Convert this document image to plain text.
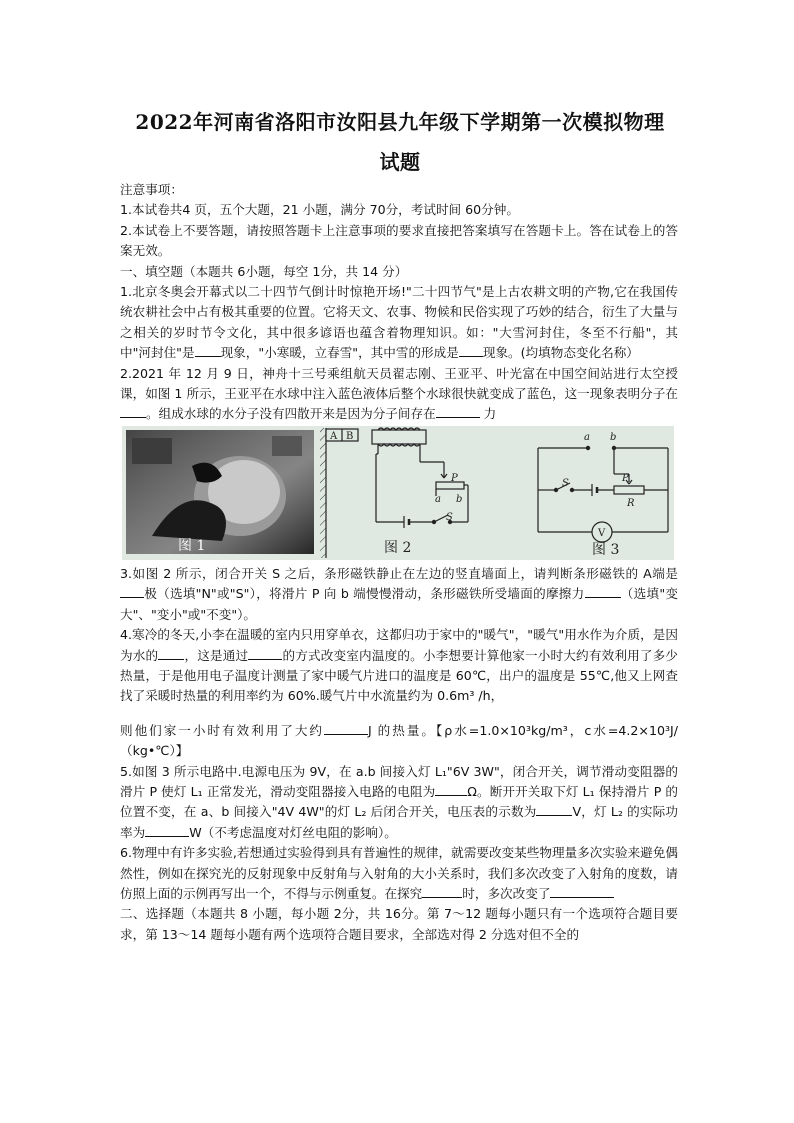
2022年河南省洛阳市汝阳县九年级下学期第一次模拟物理
试题

注意事项：

1.本试卷共4 页，五个大题，21 小题，满分 70分，考试时间 60分钟。

2.本试卷上不要答题，请按照答题卡上注意事项的要求直接把答案填写在答题卡上。答在试卷上的答案无效。

一、填空题（本题共 6小题，每空 1分，共 14 分）

1.北京冬奥会开幕式以二十四节气倒计时惊艳开场!"二十四节气"是上古农耕文明的产物,它在我国传统农耕社会中占有极其重要的位置。它将天文、农事、物候和民俗实现了巧妙的结合，衍生了大量与之相关的岁时节令文化，其中很多谚语也蕴含着物理知识。如："大雪河封住，冬至不行船"，其中"河封住"是 现象，"小寒暖，立春雪"，其中雪的形成是 现象。(均填物态变化名称）

2.2021 年 12 月 9 日，神舟十三号乘组航天员翟志刚、王亚平、叶光富在中国空间站进行太空授课，如图 1 所示，王亚平在水球中注入蓝色液体后整个水球很快就变成了蓝色，这一现象表明分子在。组成水球的水分子没有四散开来是因为分子间存在	力

图 1
A B
P
a b
S
图 2
a b
S	P
R
V
图 3

3.如图 2 所示，闭合开关 S 之后，条形磁铁静止在左边的竖直墙面上，请判断条形磁铁的 A端是极（选填"N"或"S"），将滑片 P 向 b 端慢慢滑动，条形磁铁所受墙面的摩擦力	（选填"变大"、"变小"或"不变"）。

4.寒冷的冬天,小李在温暖的室内只用穿单衣，这都归功于家中的"暖气"，"暖气"用水作为介质，是因为水的 ，这是通过	的方式改变室内温度的。小李想要计算他家一小时大约有效利用了多少热量，于是他用电子温度计测量了家中暖气片进口的温度是 60℃，出户的温度是 55℃,他又上网查找了采暖时热量的利用率约为 60%.暖气片中水流量约为 0.6m³ /h，

则他们家一小时有效利用了大约	J 的热量。【ρ水=1.0×10³kg/m³，c水=4.2×10³J/（kg•℃）】

5.如图 3 所示电路中.电源电压为 9V，在 a.b 间接入灯 L₁"6V 3W"，闭合开关，调节滑动变阻器的滑片 P 使灯 L₁ 正常发光，滑动变阻器接入电路的电阻为	Ω。断开开关取下灯 L₁ 保持滑片 P 的位置不变，在 a、b 间接入"4V 4W"的灯 L₂ 后闭合开关，电压表的示数为	V，灯 L₂ 的实际功率为	W（不考虑温度对灯丝电阻的影响）。

6.物理中有许多实验,若想通过实验得到具有普遍性的规律，就需要改变某些物理量多次实验来避免偶然性，例如在探究光的反射现象中反射角与入射角的大小关系时，我们多次改变了入射角的度数，请仿照上面的示例再写出一个，不得与示例重复。在探究	时，多次改变了

二、选择题（本题共 8 小题，每小题 2分，共 16分。第 7～12 题每小题只有一个选项符合题目要求，第 13～14 题每小题有两个选项符合题目要求，全部选对得 2 分选对但不全的
